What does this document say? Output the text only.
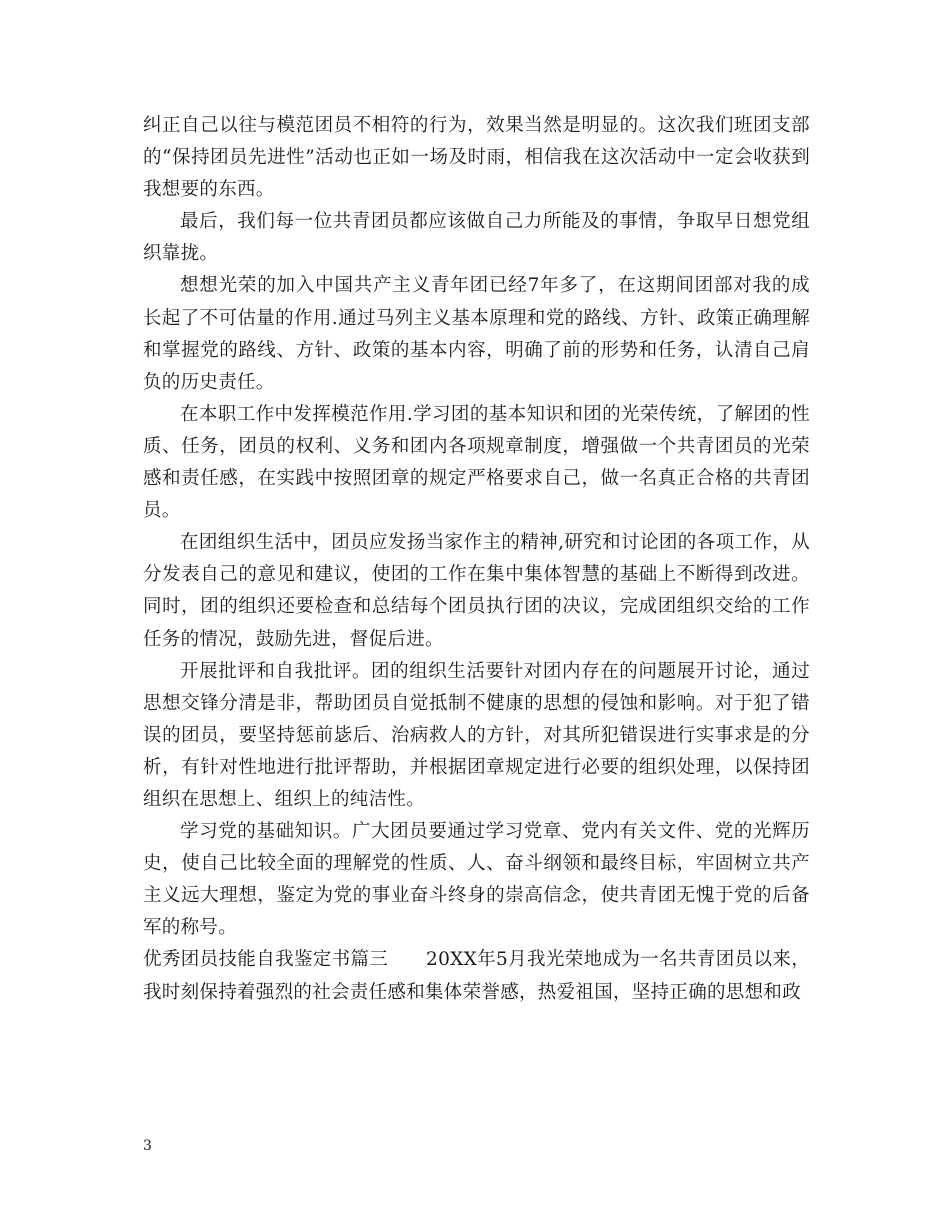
纠正自己以往与模范团员不相符的行为，效果当然是明显的。这次我们班团支部的“保持团员先进性”活动也正如一场及时雨，相信我在这次活动中一定会收获到我想要的东西。

最后，我们每一位共青团员都应该做自己力所能及的事情，争取早日想党组织靠拢。

想想光荣的加入中国共产主义青年团已经7年多了，在这期间团部对我的成长起了不可估量的作用.通过马列主义基本原理和党的路线、方针、政策正确理解和掌握党的路线、方针、政策的基本内容，明确了前的形势和任务，认清自己肩负的历史责任。

在本职工作中发挥模范作用.学习团的基本知识和团的光荣传统，了解团的性质、任务，团员的权利、义务和团内各项规章制度，增强做一个共青团员的光荣感和责任感，在实践中按照团章的规定严格要求自己，做一名真正合格的共青团员。

在团组织生活中，团员应发扬当家作主的精神,研究和讨论团的各项工作，从分发表自己的意见和建议，使团的工作在集中集体智慧的基础上不断得到改进。同时，团的组织还要检查和总结每个团员执行团的决议，完成团组织交给的工作任务的情况，鼓励先进，督促后进。

开展批评和自我批评。团的组织生活要针对团内存在的问题展开讨论，通过思想交锋分清是非，帮助团员自觉抵制不健康的思想的侵蚀和影响。对于犯了错误的团员，要坚持惩前毖后、治病救人的方针，对其所犯错误进行实事求是的分析，有针对性地进行批评帮助，并根据团章规定进行必要的组织处理，以保持团组织在思想上、组织上的纯洁性。

学习党的基础知识。广大团员要通过学习党章、党内有关文件、党的光辉历史，使自己比较全面的理解党的性质、人、奋斗纲领和最终目标，牢固树立共产主义远大理想，鉴定为党的事业奋斗终身的崇高信念，使共青团无愧于党的后备军的称号。

优秀团员技能自我鉴定书篇三　　20XX年5月我光荣地成为一名共青团员以来，我时刻保持着强烈的社会责任感和集体荣誉感，热爱祖国，坚持正确的思想和政

3
